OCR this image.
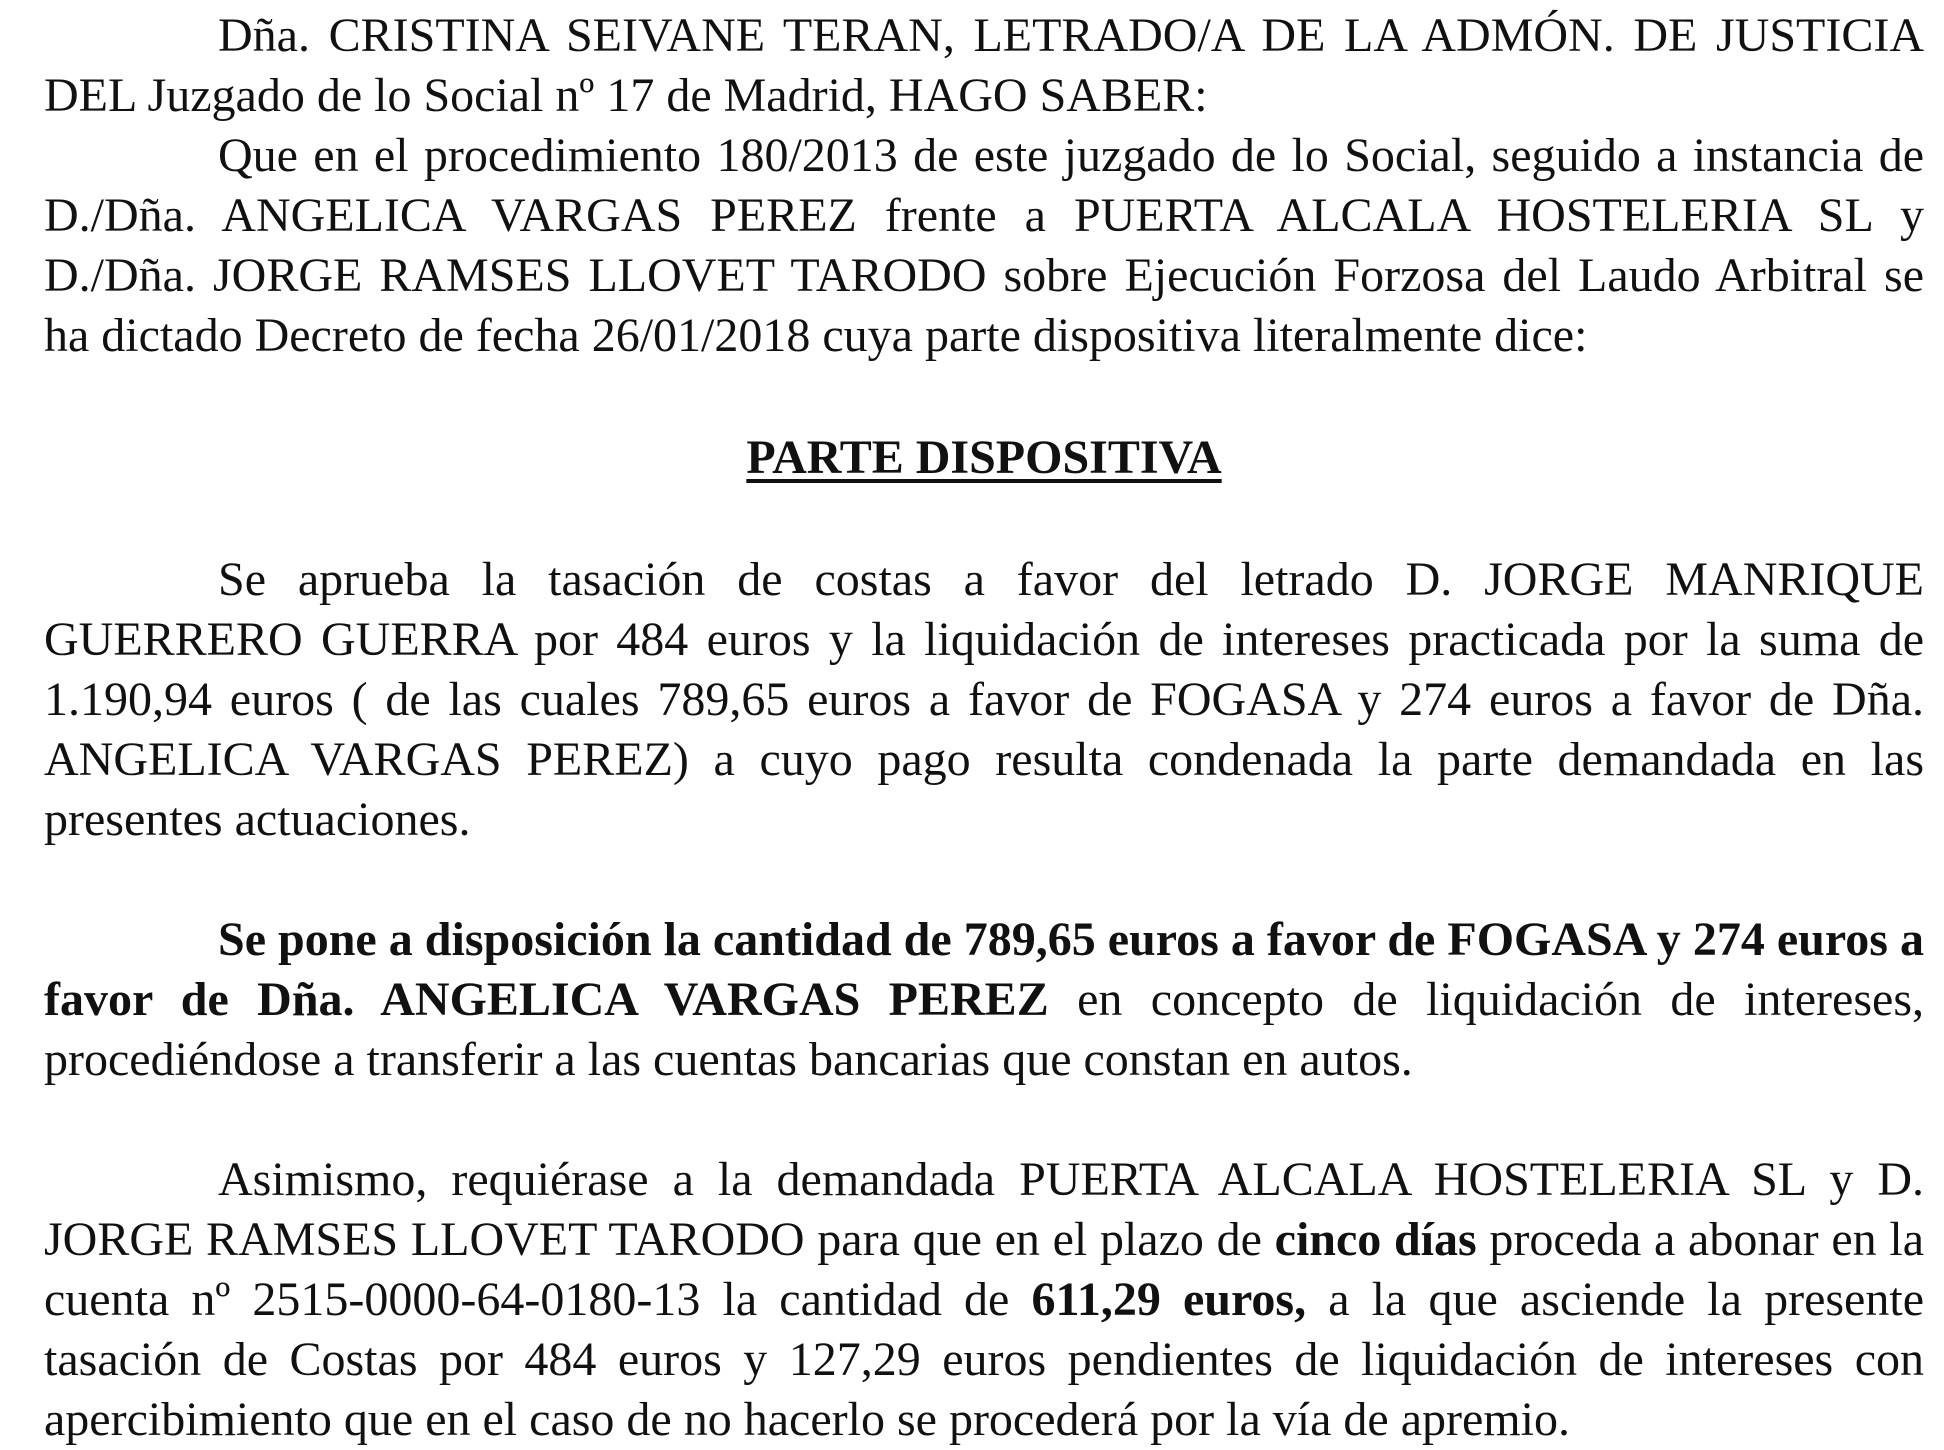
Dña. CRISTINA SEIVANE TERAN, LETRADO/A DE LA ADMÓN. DE JUSTICIA DEL Juzgado de lo Social nº 17 de Madrid, HAGO SABER:

Que en el procedimiento 180/2013 de este juzgado de lo Social, seguido a instancia de D./Dña. ANGELICA VARGAS PEREZ frente a PUERTA ALCALA HOSTELERIA SL y D./Dña. JORGE RAMSES LLOVET TARODO sobre Ejecución Forzosa del Laudo Arbitral se ha dictado Decreto de fecha 26/01/2018 cuya parte dispositiva literalmente dice:

PARTE DISPOSITIVA

Se aprueba la tasación de costas a favor del letrado D. JORGE MANRIQUE GUERRERO GUERRA por 484 euros y la liquidación de intereses practicada por la suma de 1.190,94 euros ( de las cuales 789,65 euros a favor de FOGASA y 274 euros a favor de Dña. ANGELICA VARGAS PEREZ) a cuyo pago resulta condenada la parte demandada en las presentes actuaciones.

Se pone a disposición la cantidad de 789,65 euros a favor de FOGASA y 274 euros a favor de Dña. ANGELICA VARGAS PEREZ en concepto de liquidación de intereses, procediéndose a transferir a las cuentas bancarias que constan en autos.

Asimismo, requiérase a la demandada PUERTA ALCALA HOSTELERIA SL y D. JORGE RAMSES LLOVET TARODO para que en el plazo de cinco días proceda a abonar en la cuenta nº 2515-0000-64-0180-13 la cantidad de 611,29 euros, a la que asciende la presente tasación de Costas por 484 euros y 127,29 euros pendientes de liquidación de intereses con apercibimiento que en el caso de no hacerlo se procederá por la vía de apremio.
